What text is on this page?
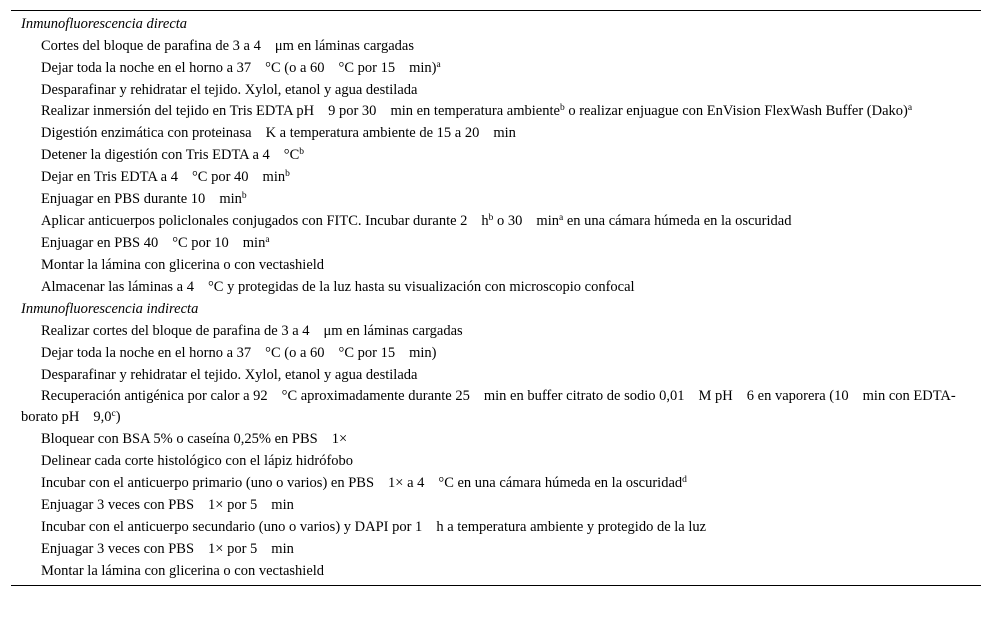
Inmunofluorescencia directa
Cortes del bloque de parafina de 3 a 4 μm en láminas cargadas
Dejar toda la noche en el horno a 37 °C (o a 60 °C por 15 min)$^a$
Desparafinar y rehidratar el tejido. Xylol, etanol y agua destilada
Realizar inmersión del tejido en Tris EDTA pH 9 por 30 min en temperatura ambiente$^b$ o realizar enjuague con EnVision FlexWash Buffer (Dako)$^a$
Digestión enzimática con proteinasa K a temperatura ambiente de 15 a 20 min
Detener la digestión con Tris EDTA a 4 $^\circ C^b$
Dejar en Tris EDTA a 4 °C por 40 $\min^b$
Enjuagar en PBS durante 10 $\min^b$
Aplicar anticuerpos policlonales conjugados con FITC. Incubar durante 2 $h^b$ o 30 $\min^a$ en una cámara húmeda en la oscuridad
Enjuagar en PBS 40 °C por 10 $\min^a$
Montar la lámina con glicerina o con vectashield
Almacenar las láminas a 4 °C y protegidas de la luz hasta su visualización con microscopio confocal
Inmunofluorescencia indirecta
Realizar cortes del bloque de parafina de 3 a 4 μm en láminas cargadas
Dejar toda la noche en el horno a 37 °C (o a 60 °C por 15 min)
Desparafinar y rehidratar el tejido. Xylol, etanol y agua destilada
Recuperación antigénica por calor a 92 °C aproximadamente durante 25 min en buffer citrato de sodio 0,01 M pH 6 en vaporera (10 min con EDTA-borato pH 9,0$^c$)
Bloquear con BSA 5% o caseína 0,25% en PBS 1×
Delinear cada corte histológico con el lápiz hidrófobo
Incubar con el anticuerpo primario (uno o varios) en PBS 1× a 4 °C en una cámara húmeda en la oscuridad$^d$
Enjuagar 3 veces con PBS 1× por 5 min
Incubar con el anticuerpo secundario (uno o varios) y DAPI por 1 h a temperatura ambiente y protegido de la luz
Enjuagar 3 veces con PBS 1× por 5 min
Montar la lámina con glicerina o con vectashield
